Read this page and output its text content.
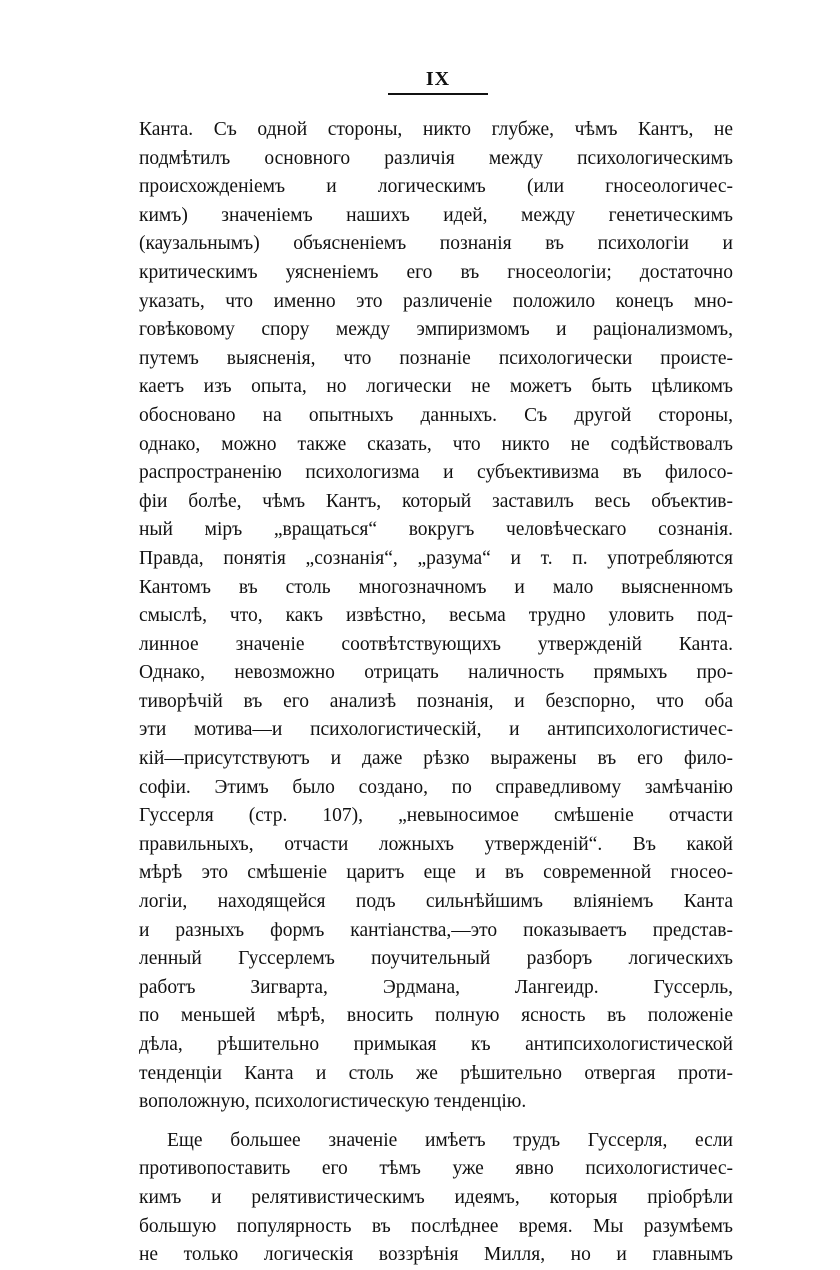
IX
Канта. Съ одной стороны, никто глубже, чѣмъ Кантъ, не
подмѣтилъ основного различія между психологическимъ
происхожденіемъ и логическимъ (или гносеологичес-
кимъ) значеніемъ нашихъ идей, между генетическимъ
(каузальнымъ) объясненіемъ познанія въ психологіи и
критическимъ уясненіемъ его въ гносеологіи; достаточно
указать, что именно это различеніе положило конецъ мно-
говѣковому спору между эмпиризмомъ и раціонализмомъ,
путемъ выясненія, что познаніе психологически происте-
каетъ изъ опыта, но логически не можетъ быть цѣликомъ
обосновано на опытныхъ данныхъ. Съ другой стороны,
однако, можно также сказать, что никто не содѣйствовалъ
распространенію психологизма и субъективизма въ филосо-
фіи болѣе, чѣмъ Кантъ, который заставилъ весь объектив-
ный міръ „вращаться“ вокругъ человѣческаго сознанія.
Правда, понятія „сознанія“, „разума“ и т. п. употребляются
Кантомъ въ столь многозначномъ и мало выясненномъ
смыслѣ, что, какъ извѣстно, весьма трудно уловить под-
линное значеніе соотвѣтствующихъ утвержденій Канта.
Однако, невозможно отрицать наличность прямыхъ про-
тиворѣчій въ его анализѣ познанія, и безспорно, что оба
эти мотива—и психологистическій, и антипсихологистичес-
кій—присутствуютъ и даже рѣзко выражены въ его фило-
софіи. Этимъ было создано, по справедливому замѣчанію
Гуссерля (стр. 107), „невыносимое смѣшеніе отчасти
правильныхъ, отчасти ложныхъ утвержденій“. Въ какой
мѣрѣ это смѣшеніе царитъ еще и въ современной гносео-
логіи, находящейся подъ сильнѣйшимъ вліяніемъ Канта
и разныхъ формъ кантіанства,—это показываетъ представ-
ленный Гуссерлемъ поучительный разборъ логическихъ
работъ Зигварта, Эрдмана, Лангеидр. Гуссерль,
по меньшей мѣрѣ, вносить полную ясность въ положеніе
дѣла, рѣшительно примыкая къ антипсихологистической
тенденціи Канта и столь же рѣшительно отвергая проти-
воположную, психологистическую тенденцію.
Еще большее значеніе имѣетъ трудъ Гуссерля, если
противопоставить его тѣмъ уже явно психологистичес-
кимъ и релятивистическимъ идеямъ, которыя пріобрѣли
большую популярность въ послѣднее время. Мы разумѣемъ
не только логическія воззрѣнія Милля, но и главнымъ
